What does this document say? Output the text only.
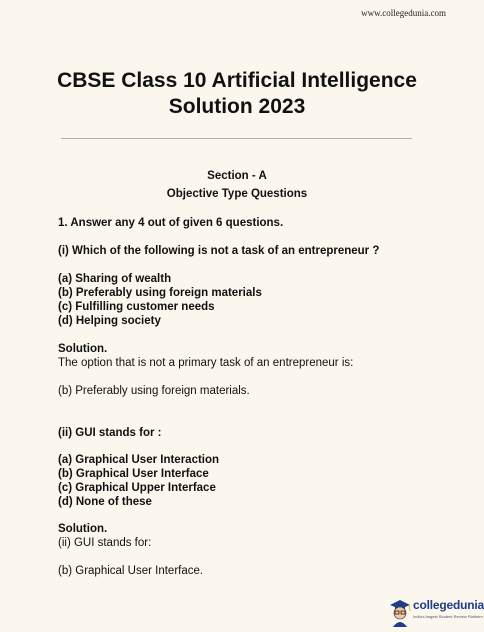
www.collegedunia.com
CBSE Class 10 Artificial Intelligence
Solution 2023
Section - A
Objective Type Questions
1. Answer any 4 out of given 6 questions.
(i) Which of the following is not a task of an entrepreneur ?
(a) Sharing of wealth
(b) Preferably using foreign materials
(c) Fulfilling customer needs
(d) Helping society
Solution.
The option that is not a primary task of an entrepreneur is:
(b) Preferably using foreign materials.
(ii) GUI stands for :
(a) Graphical User Interaction
(b) Graphical User Interface
(c) Graphical Upper Interface
(d) None of these
Solution.
(ii) GUI stands for:
(b) Graphical User Interface.
collegedunia
India's largest Student Review Platform
